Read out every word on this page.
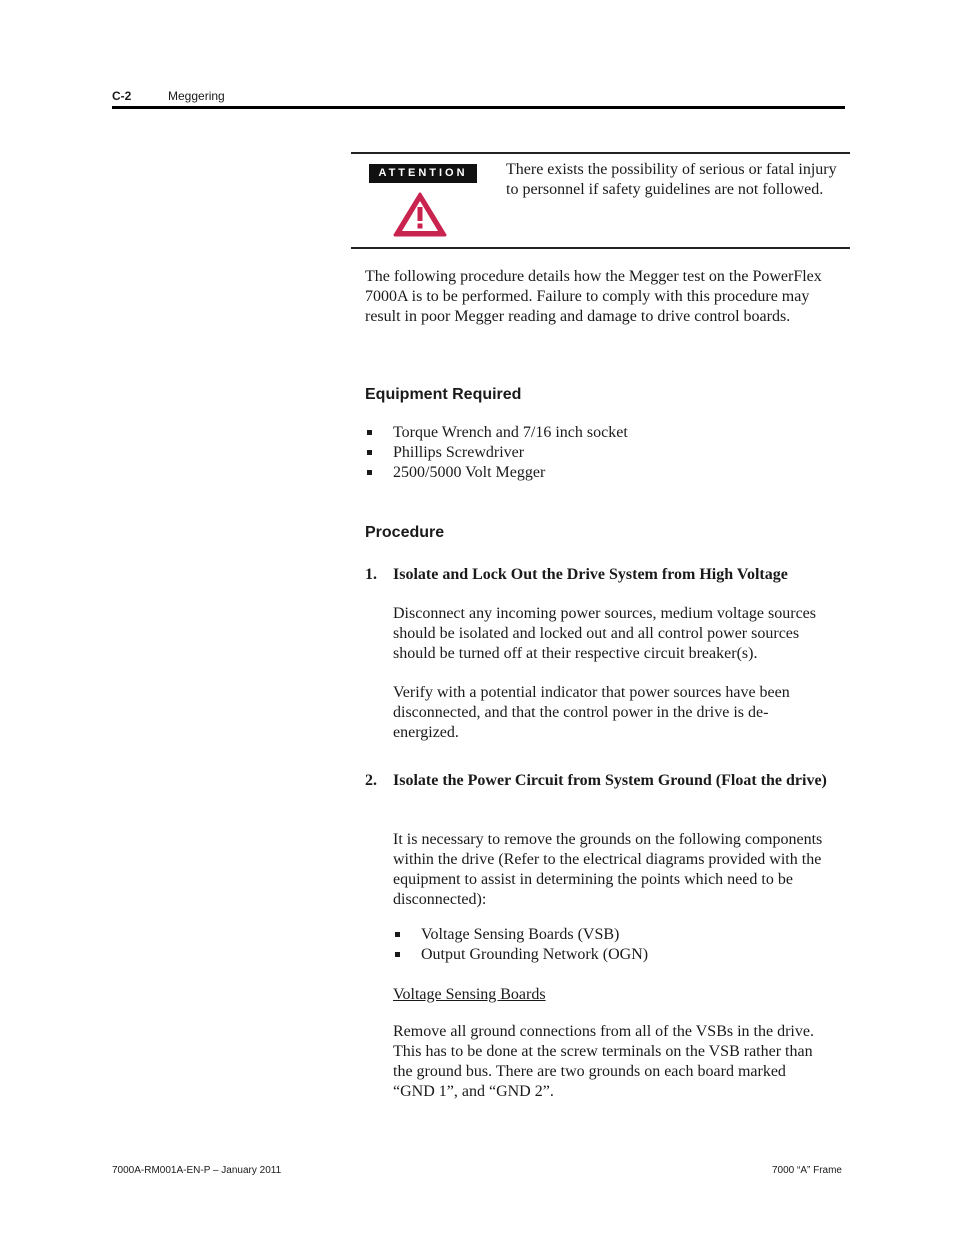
C-2	Meggering
ATTENTION	There exists the possibility of serious or fatal injury to personnel if safety guidelines are not followed.

The following procedure details how the Megger test on the PowerFlex 7000A is to be performed. Failure to comply with this procedure may result in poor Megger reading and damage to drive control boards.

Equipment Required
Torque Wrench and 7/16 inch socket
Phillips Screwdriver
2500/5000 Volt Megger
Procedure
1. Isolate and Lock Out the Drive System from High Voltage

Disconnect any incoming power sources, medium voltage sources should be isolated and locked out and all control power sources should be turned off at their respective circuit breaker(s).

Verify with a potential indicator that power sources have been disconnected, and that the control power in the drive is de-energized.

2. Isolate the Power Circuit from System Ground (Float the drive)

It is necessary to remove the grounds on the following components within the drive (Refer to the electrical diagrams provided with the equipment to assist in determining the points which need to be disconnected):

Voltage Sensing Boards (VSB)
Output Grounding Network (OGN)

Voltage Sensing Boards

Remove all ground connections from all of the VSBs in the drive. This has to be done at the screw terminals on the VSB rather than the ground bus. There are two grounds on each board marked “GND 1”, and “GND 2”.

7000A-RM001A-EN-P – January 2011	7000 “A” Frame
